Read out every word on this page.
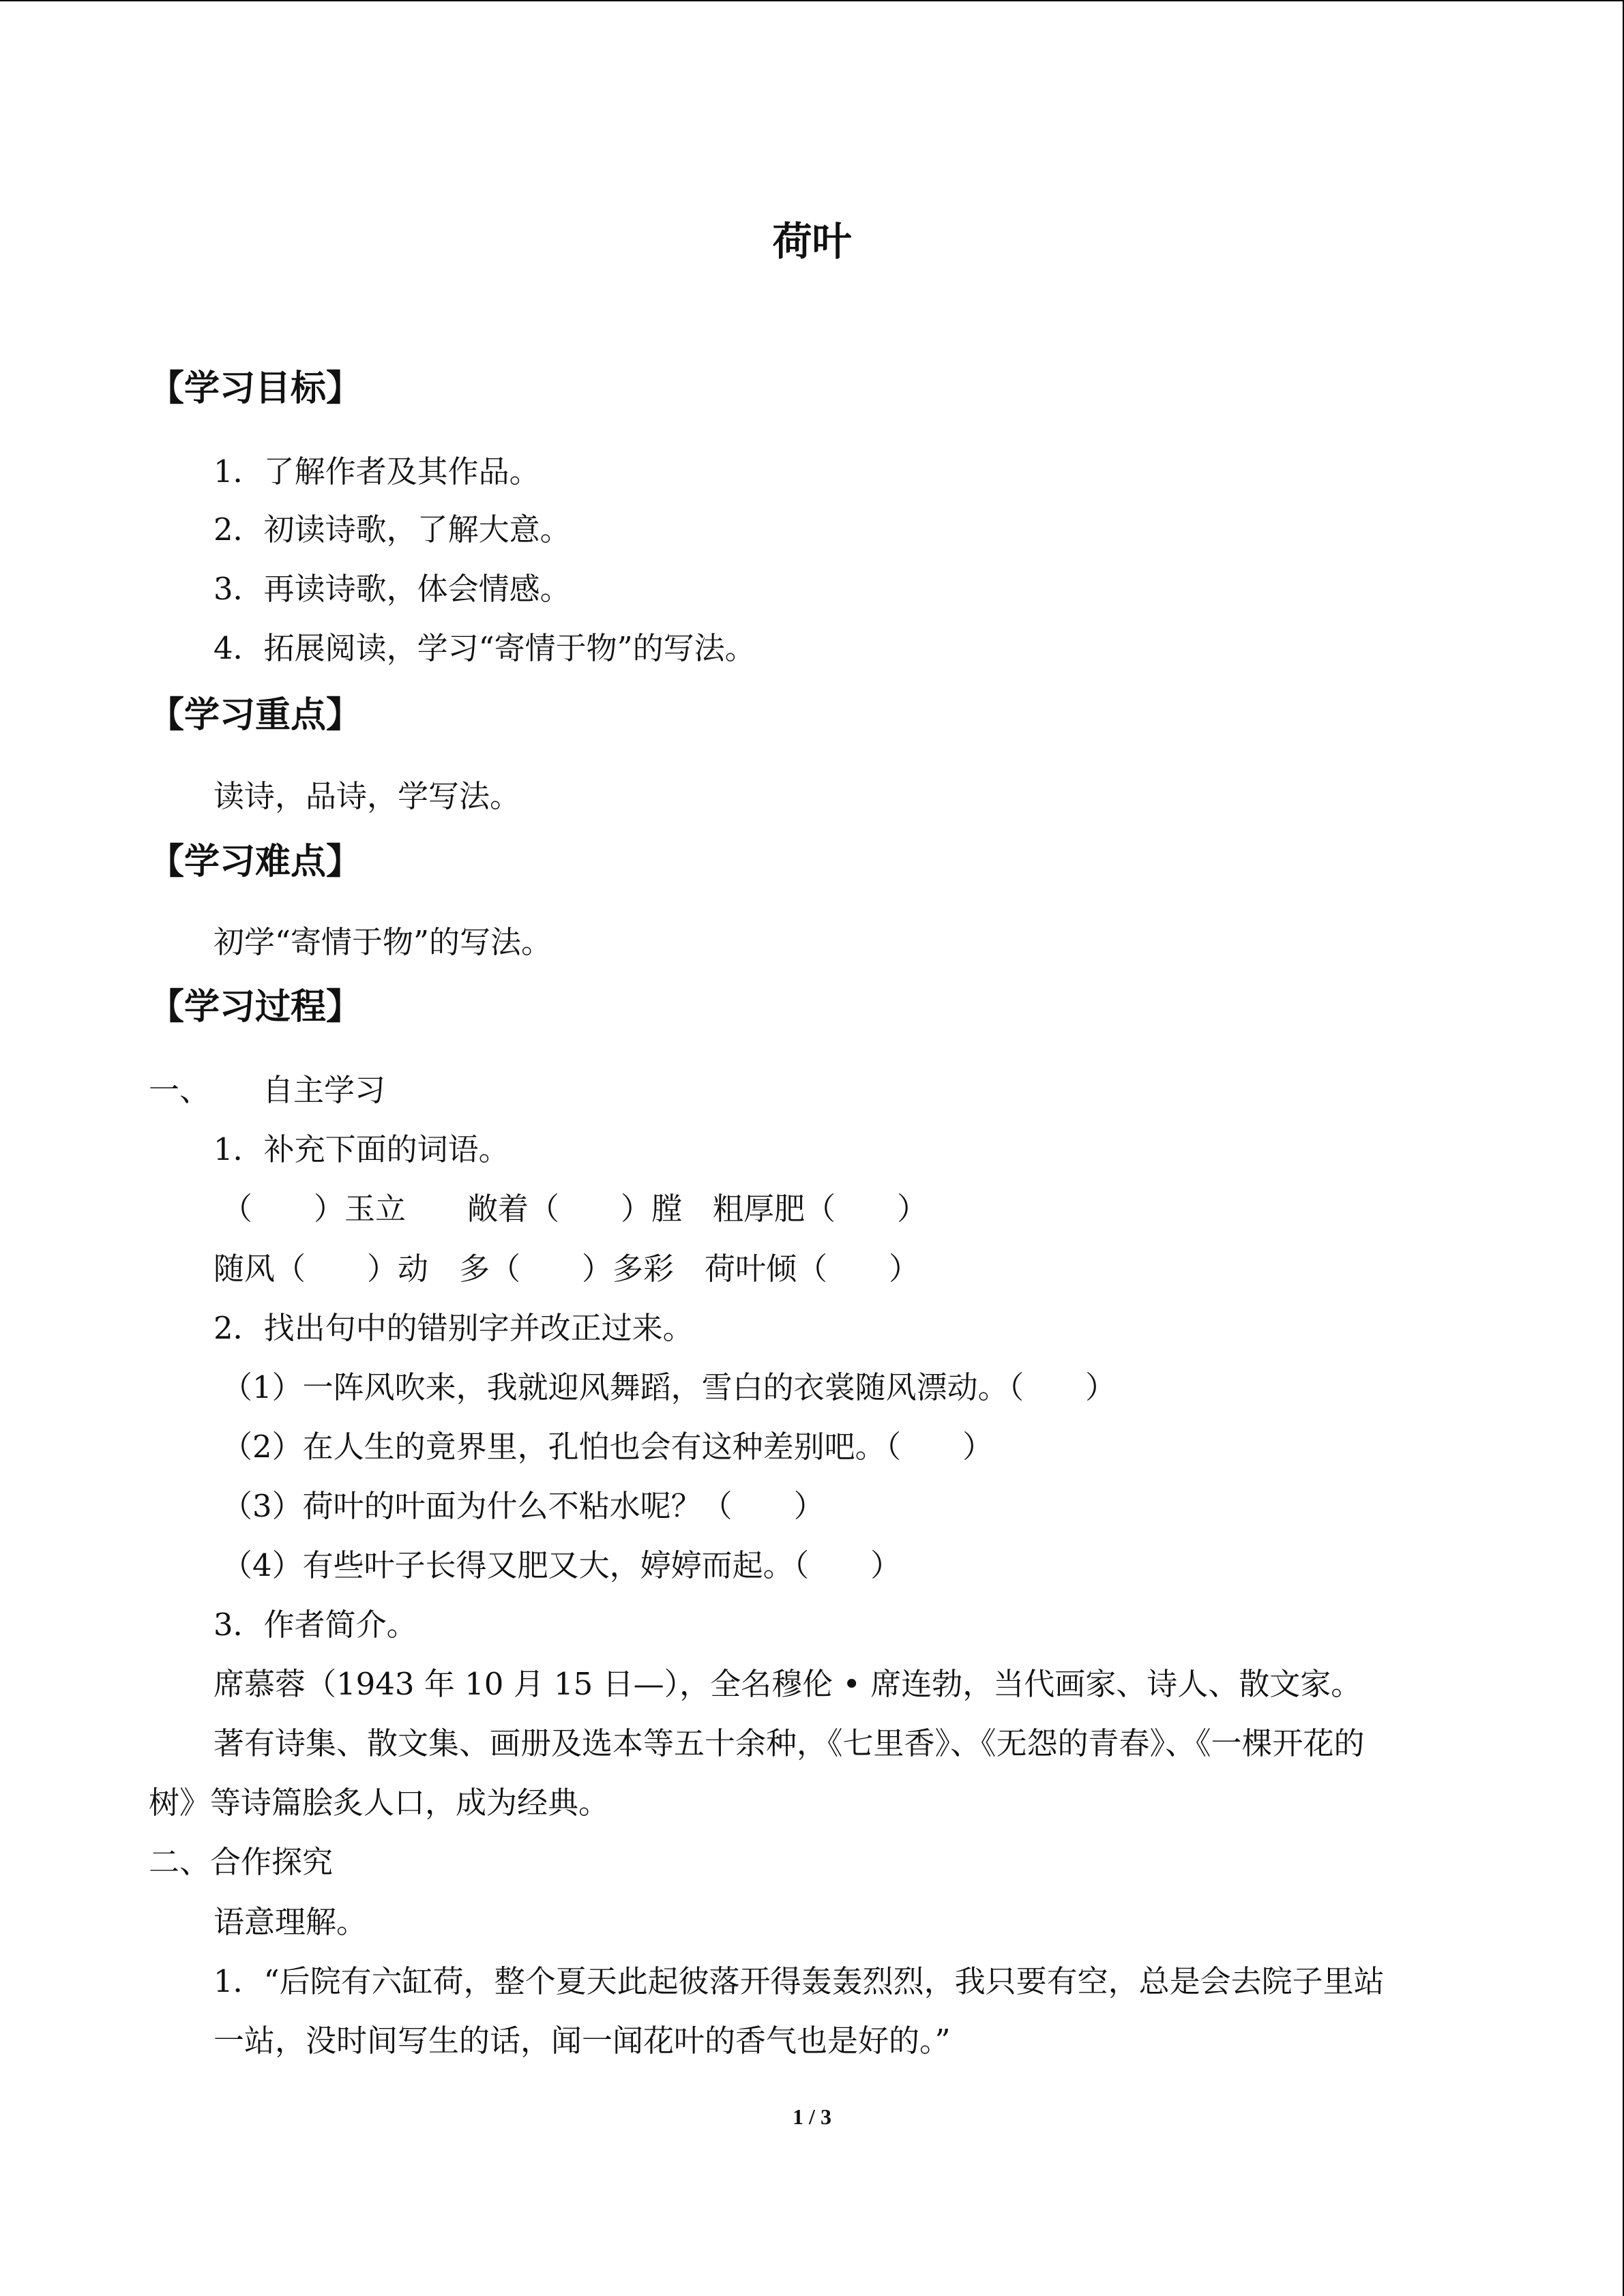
荷叶
【学习目标】
1．了解作者及其作品。
2．初读诗歌，了解大意。
3．再读诗歌，体会情感。
4．拓展阅读，学习“寄情于物”的写法。
【学习重点】
读诗，品诗，学写法。
【学习难点】
初学“寄情于物”的写法。
【学习过程】
一、 自主学习
1．补充下面的词语。
（　　）玉立　　敞着（　　）膛　粗厚肥（　　）
随风（　　）动　多（　　）多彩　荷叶倾（　　）
2．找出句中的错别字并改正过来。
（1）一阵风吹来，我就迎风舞蹈，雪白的衣裳随风漂动。（　　）
（2）在人生的竟界里，孔怕也会有这种差别吧。（　　）
（3）荷叶的叶面为什么不粘水呢？（　　）
（4）有些叶子长得又肥又大，婷婷而起。（　　）
3．作者简介。
席慕蓉（1943 年 10 月 15 日—），全名穆伦 • 席连勃，当代画家、诗人、散文家。
著有诗集、散文集、画册及选本等五十余种，《七里香》、《无怨的青春》、《一棵开花的
树》等诗篇脍炙人口，成为经典。
二、合作探究
语意理解。
1．“后院有六缸荷，整个夏天此起彼落开得轰轰烈烈，我只要有空，总是会去院子里站
一站，没时间写生的话，闻一闻花叶的香气也是好的。”
1 / 3
